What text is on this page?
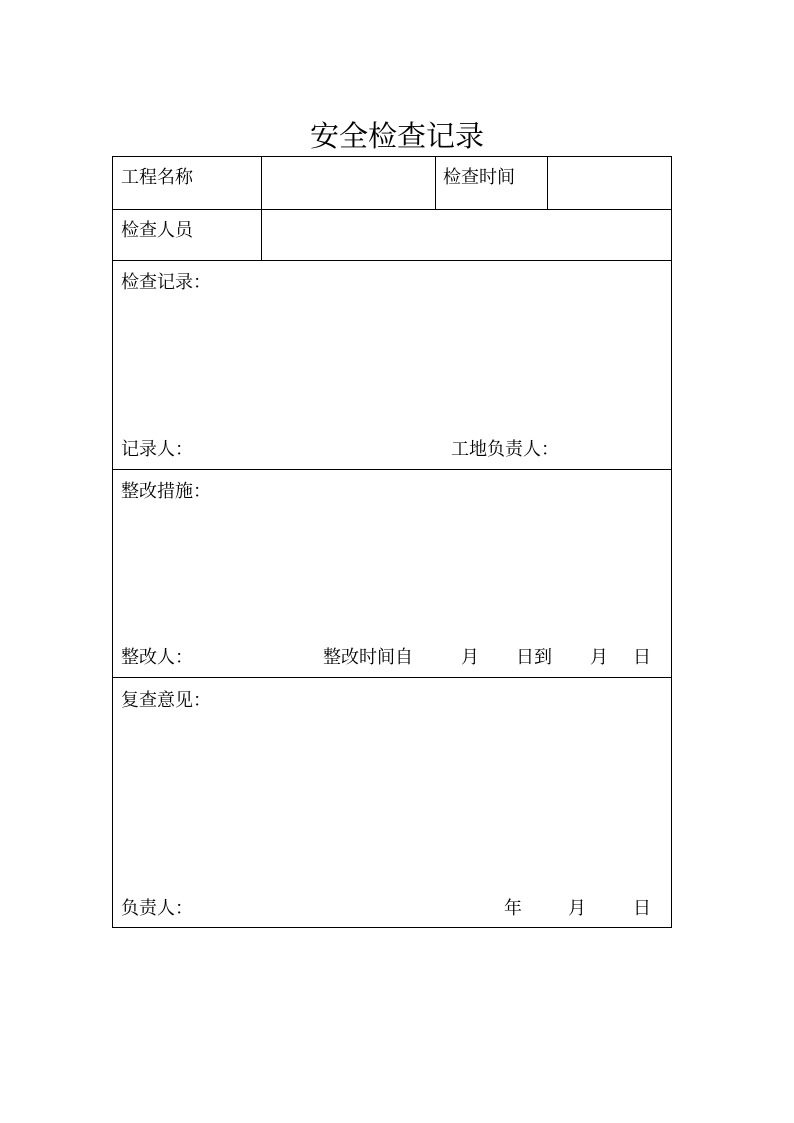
安全检查记录
工程名称	检查时间
检查人员
检查记录：
记录人：	工地负责人：
整改措施：
整改人：	整改时间自	月 日到 月 日
复查意见：
负责人：	年	月	日
